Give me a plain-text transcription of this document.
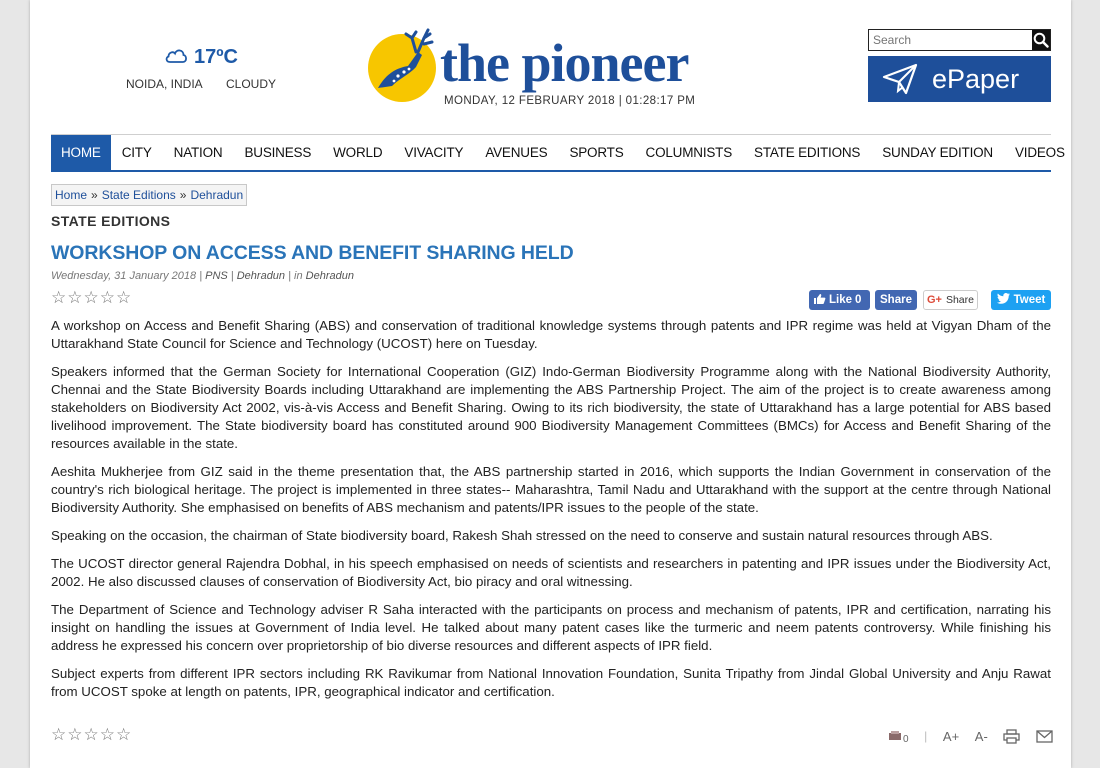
17ºC
NOIDA, INDIA CLOUDY	the pioneer
MONDAY, 12 FEBRUARY 2018 | 01:28:17 PM
Search
ePaper
HOME	CITY	NATION	BUSINESS	WORLD	VIVACITY	AVENUES	SPORTS	COLUMNISTS	STATE EDITIONS	SUNDAY EDITION	VIDEOS
Home » State Editions » Dehradun
STATE EDITIONS
WORKSHOP ON ACCESS AND BENEFIT SHARING HELD
Wednesday, 31 January 2018 | PNS | Dehradun | in Dehradun
☆ ☆ ☆ ☆ ☆	Like 0 Share G+ Share	Tweet

A workshop on Access and Benefit Sharing (ABS) and conservation of traditional knowledge systems through patents and IPR regime was held at Vigyan Dham of the Uttarakhand State Council for Science and Technology (UCOST) here on Tuesday.

Speakers informed that the German Society for International Cooperation (GIZ) Indo-German Biodiversity Programme along with the National Biodiversity Authority, Chennai and the State Biodiversity Boards including Uttarakhand are implementing the ABS Partnership Project. The aim of the project is to create awareness among stakeholders on Biodiversity Act 2002, vis-à-vis Access and Benefit Sharing. Owing to its rich biodiversity, the state of Uttarakhand has a large potential for ABS based livelihood improvement. The State biodiversity board has constituted around 900 Biodiversity Management Committees (BMCs) for Access and Benefit Sharing of the resources available in the state.

Aeshita Mukherjee from GIZ said in the theme presentation that, the ABS partnership started in 2016, which supports the Indian Government in conservation of the country's rich biological heritage. The project is implemented in three states-- Maharashtra, Tamil Nadu and Uttarakhand with the support at the centre through National Biodiversity Authority. She emphasised on benefits of ABS mechanism and patents/IPR issues to the people of the state.

Speaking on the occasion, the chairman of State biodiversity board, Rakesh Shah stressed on the need to conserve and sustain natural resources through ABS.

The UCOST director general Rajendra Dobhal, in his speech emphasised on needs of scientists and researchers in patenting and IPR issues under the Biodiversity Act, 2002. He also discussed clauses of conservation of Biodiversity Act, bio piracy and oral witnessing.

The Department of Science and Technology adviser R Saha interacted with the participants on process and mechanism of patents, IPR and certification, narrating his insight on handling the issues at Government of India level. He talked about many patent cases like the turmeric and neem patents controversy. While finishing his address he expressed his concern over proprietorship of bio diverse resources and different aspects of IPR field.

Subject experts from different IPR sectors including RK Ravikumar from National Innovation Foundation, Sunita Tripathy from Jindal Global University and Anju Rawat from UCOST spoke at length on patents, IPR, geographical indicator and certification.

☆ ☆ ☆ ☆ ☆	0 | A+ A-
